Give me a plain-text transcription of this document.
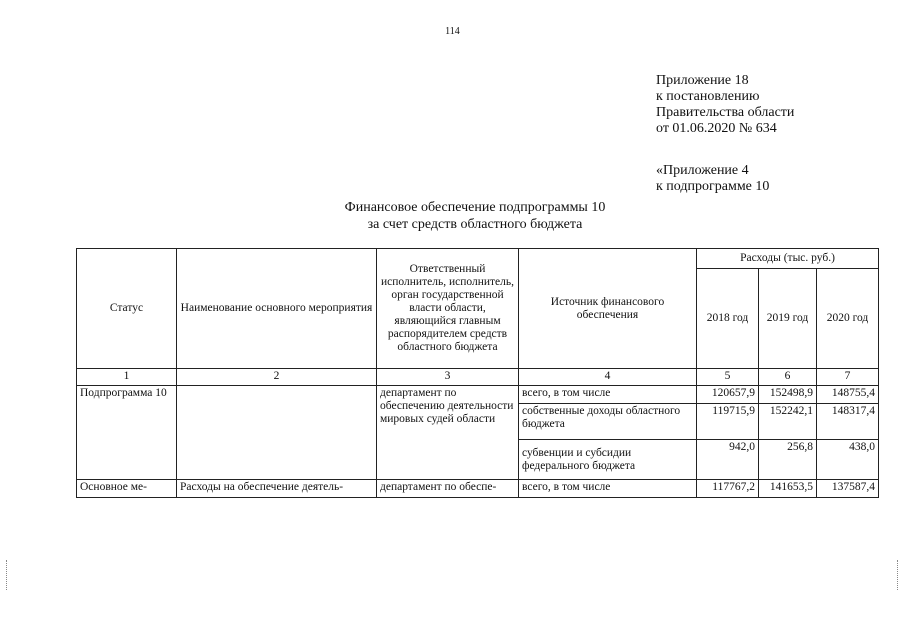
114
Приложение 18
к постановлению
Правительства области
от 01.06.2020 № 634
«Приложение 4
к подпрограмме 10
Финансовое обеспечение подпрограммы 10
за счет средств областного бюджета
Статус	Наименование основного мероприятия	Ответственный исполнитель, исполнитель, орган государственной власти области, являющийся главным распорядителем средств областного бюджета	Источник финансового обеспечения	Расходы (тыс. руб.)		
				2018 год	2019 год	2020 год
1	2	3	4	5	6	7
Подпрограмма 10		департамент по обеспечению деятельности мировых судей области	всего, в том числе	120657,9	152498,9	148755,4
			собственные доходы областного бюджета	119715,9	152242,1	148317,4
			субвенции и субсидии федерального бюджета	942,0	256,8	438,0
Основное ме-	Расходы на обеспечение деятель-	департамент по обеспе-	всего, в том числе	117767,2	141653,5	137587,4
